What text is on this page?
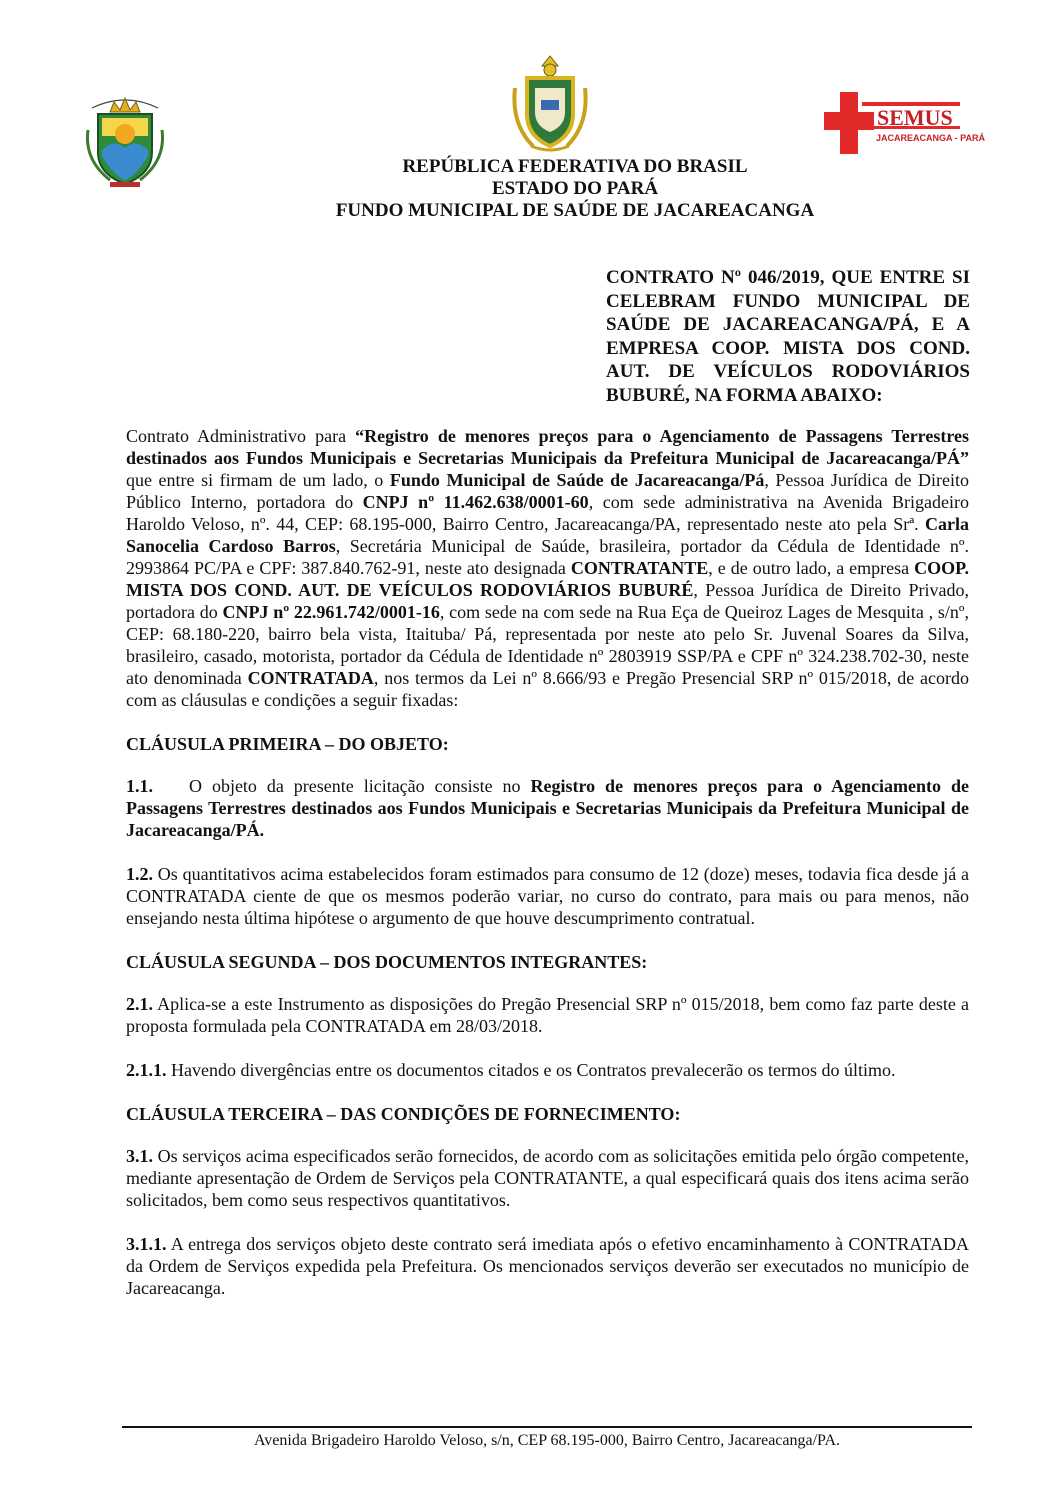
SEMUS
JACAREACANGA - PARÁ
REPÚBLICA FEDERATIVA DO BRASIL
ESTADO DO PARÁ
FUNDO MUNICIPAL DE SAÚDE DE JACAREACANGA
CONTRATO Nº 046/2019, QUE ENTRE SI CELEBRAM FUNDO MUNICIPAL DE SAÚDE DE JACAREACANGA/PÁ, E A EMPRESA COOP. MISTA DOS COND. AUT. DE VEÍCULOS RODOVIÁRIOS BUBURÉ, NA FORMA ABAIXO:

Contrato Administrativo para “Registro de menores preços para o Agenciamento de Passagens Terrestres destinados aos Fundos Municipais e Secretarias Municipais da Prefeitura Municipal de Jacareacanga/PÁ” que entre si firmam de um lado, o Fundo Municipal de Saúde de Jacareacanga/Pá, Pessoa Jurídica de Direito Público Interno, portadora do CNPJ nº 11.462.638/0001-60, com sede administrativa na Avenida Brigadeiro Haroldo Veloso, nº. 44, CEP: 68.195-000, Bairro Centro, Jacareacanga/PA, representado neste ato pela Srª. Carla Sanocelia Cardoso Barros, Secretária Municipal de Saúde, brasileira, portador da Cédula de Identidade nº. 2993864 PC/PA e CPF: 387.840.762-91, neste ato designada CONTRATANTE, e de outro lado, a empresa COOP. MISTA DOS COND. AUT. DE VEÍCULOS RODOVIÁRIOS BUBURÉ, Pessoa Jurídica de Direito Privado, portadora do CNPJ nº 22.961.742/0001-16, com sede na com sede na Rua Eça de Queiroz Lages de Mesquita , s/nº, CEP: 68.180-220, bairro bela vista, Itaituba/ Pá, representada por neste ato pelo Sr. Juvenal Soares da Silva, brasileiro, casado, motorista, portador da Cédula de Identidade nº 2803919 SSP/PA e CPF nº 324.238.702-30, neste ato denominada CONTRATADA, nos termos da Lei nº 8.666/93 e Pregão Presencial SRP nº 015/2018, de acordo com as cláusulas e condições a seguir fixadas:

CLÁUSULA PRIMEIRA – DO OBJETO:

1.1. O objeto da presente licitação consiste no Registro de menores preços para o Agenciamento de Passagens Terrestres destinados aos Fundos Municipais e Secretarias Municipais da Prefeitura Municipal de Jacareacanga/PÁ.

1.2. Os quantitativos acima estabelecidos foram estimados para consumo de 12 (doze) meses, todavia fica desde já a CONTRATADA ciente de que os mesmos poderão variar, no curso do contrato, para mais ou para menos, não ensejando nesta última hipótese o argumento de que houve descumprimento contratual.

CLÁUSULA SEGUNDA – DOS DOCUMENTOS INTEGRANTES:

2.1. Aplica-se a este Instrumento as disposições do Pregão Presencial SRP nº 015/2018, bem como faz parte deste a proposta formulada pela CONTRATADA em 28/03/2018.

2.1.1. Havendo divergências entre os documentos citados e os Contratos prevalecerão os termos do último.

CLÁUSULA TERCEIRA – DAS CONDIÇÕES DE FORNECIMENTO:

3.1. Os serviços acima especificados serão fornecidos, de acordo com as solicitações emitida pelo órgão competente, mediante apresentação de Ordem de Serviços pela CONTRATANTE, a qual especificará quais dos itens acima serão solicitados, bem como seus respectivos quantitativos.

3.1.1. A entrega dos serviços objeto deste contrato será imediata após o efetivo encaminhamento à CONTRATADA da Ordem de Serviços expedida pela Prefeitura. Os mencionados serviços deverão ser executados no município de Jacareacanga.

Avenida Brigadeiro Haroldo Veloso, s/n, CEP 68.195-000, Bairro Centro, Jacareacanga/PA.
